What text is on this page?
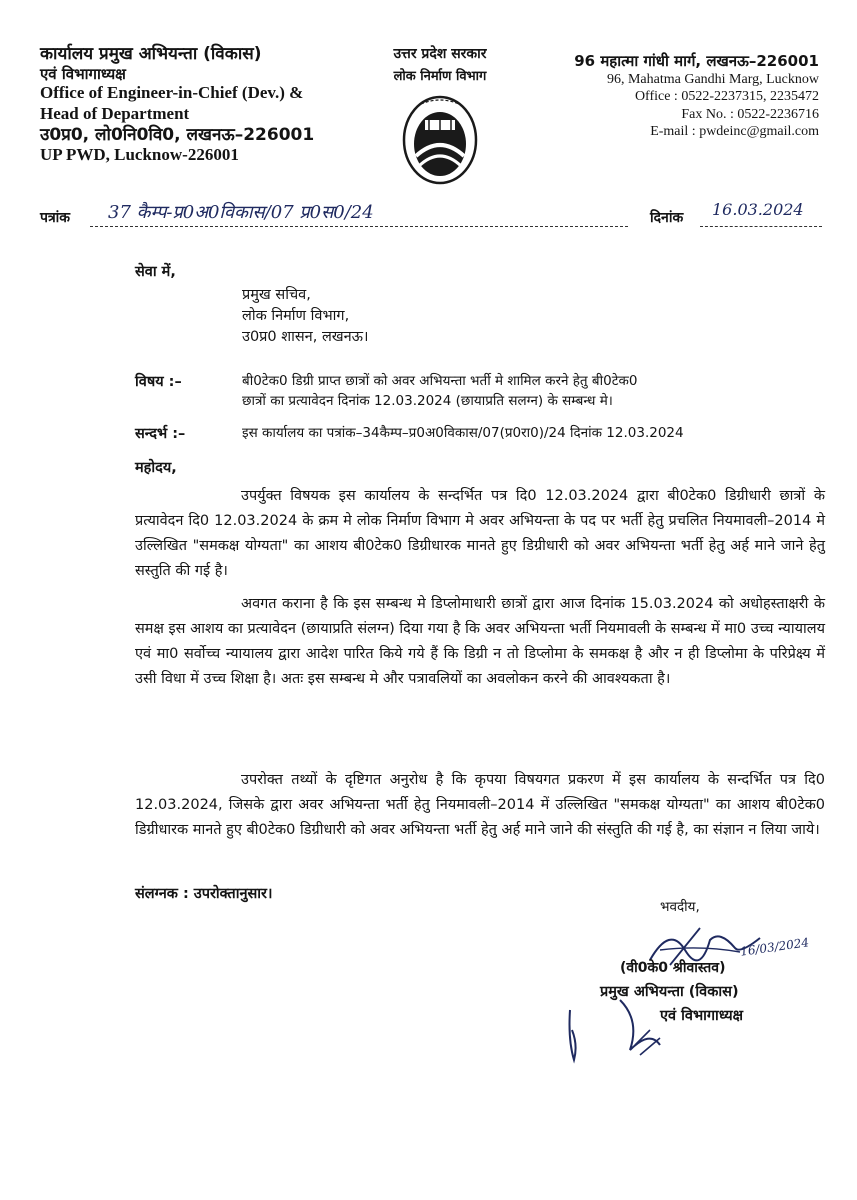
कार्यालय प्रमुख अभियन्ता (विकास)
एवं विभागाध्यक्ष
Office of Engineer-in-Chief (Dev.) &
Head of Department
उ0प्र0, लो0नि0वि0, लखनऊ–226001
UP PWD, Lucknow-226001
उत्तर प्रदेश सरकार
लोक निर्माण विभाग
96 महात्मा गांधी मार्ग, लखनऊ–226001
96, Mahatma Gandhi Marg, Lucknow
Office : 0522-2237315, 2235472
Fax No. : 0522-2236716
E-mail : pwdeinc@gmail.com
पत्रांक	37 कैम्प-प्र0अ0विकास/07 प्र0स0/24	दिनांक	16.03.2024
सेवा में,
प्रमुख सचिव,
लोक निर्माण विभाग,
उ0प्र0 शासन, लखनऊ।
विषय :–	बी0टेक0 डिग्री प्राप्त छात्रों को अवर अभियन्ता भर्ती मे शामिल करने हेतु बी0टेक0
छात्रों का प्रत्यावेदन दिनांक 12.03.2024 (छायाप्रति सलग्न) के सम्बन्ध मे।
सन्दर्भ :–	इस कार्यालय का पत्रांक–34कैम्प–प्र0अ0विकास/07(प्र0रा0)/24 दिनांक 12.03.2024
महोदय,
उपर्युक्त विषयक इस कार्यालय के सन्दर्भित पत्र दि0 12.03.2024 द्वारा बी0टेक0 डिग्रीधारी छात्रों के प्रत्यावेदन दि0 12.03.2024 के क्रम मे लोक निर्माण विभाग मे अवर अभियन्ता के पद पर भर्ती हेतु प्रचलित नियमावली–2014 मे उल्लिखित "समकक्ष योग्यता" का आशय बी0टेक0 डिग्रीधारक मानते हुए डिग्रीधारी को अवर अभियन्ता भर्ती हेतु अर्ह माने जाने हेतु सस्तुति की गई है।
अवगत कराना है कि इस सम्बन्ध मे डिप्लोमाधारी छात्रों द्वारा आज दिनांक 15.03.2024 को अधोहस्ताक्षरी के समक्ष इस आशय का प्रत्यावेदन (छायाप्रति संलग्न) दिया गया है कि अवर अभियन्ता भर्ती नियमावली के सम्बन्ध में मा0 उच्च न्यायालय एवं मा0 सर्वोच्च न्यायालय द्वारा आदेश पारित किये गये हैं कि डिग्री न तो डिप्लोमा के समकक्ष है और न ही डिप्लोमा के परिप्रेक्ष्य में उसी विधा में उच्च शिक्षा है। अतः इस सम्बन्ध मे और पत्रावलियों का अवलोकन करने की आवश्यकता है।
उपरोक्त तथ्यों के दृष्टिगत अनुरोध है कि कृपया विषयगत प्रकरण में इस कार्यालय के सन्दर्भित पत्र दि0 12.03.2024, जिसके द्वारा अवर अभियन्ता भर्ती हेतु नियमावली–2014 में उल्लिखित "समकक्ष योग्यता" का आशय बी0टेक0 डिग्रीधारक मानते हुए बी0टेक0 डिग्रीधारी को अवर अभियन्ता भर्ती हेतु अर्ह माने जाने की संस्तुति की गई है, का संज्ञान न लिया जाये।
संलग्नक : उपरोक्तानुसार।
भवदीय,
16/03/2024
(वी0के0 श्रीवास्तव)
प्रमुख अभियन्ता (विकास)
एवं विभागाध्यक्ष
